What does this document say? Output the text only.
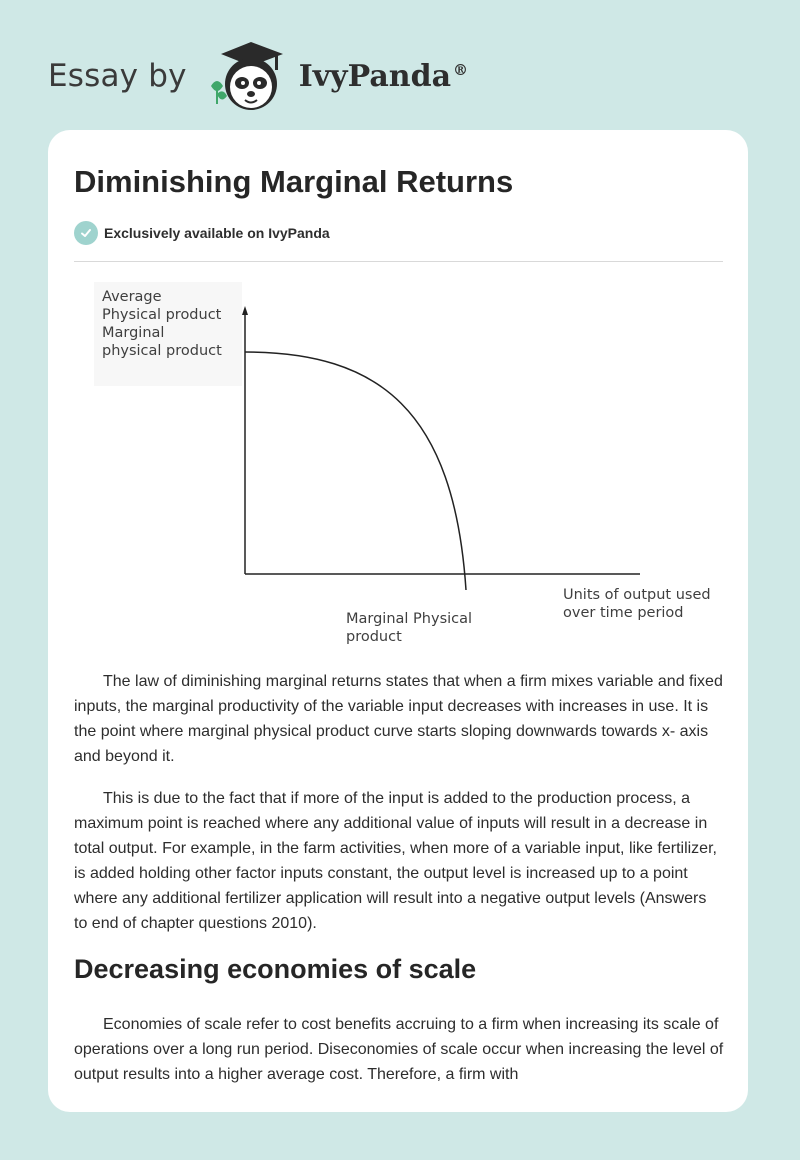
Essay by	IvyPanda ®
Diminishing Marginal Returns
Exclusively available on IvyPanda
Average
Physical product
Marginal
physical product
Units of output used
over time period
Marginal Physical
product

The law of diminishing marginal returns states that when a firm mixes variable and fixed inputs, the marginal productivity of the variable input decreases with increases in use. It is the point where marginal physical product curve starts sloping downwards towards x- axis and beyond it.

This is due to the fact that if more of the input is added to the production process, a maximum point is reached where any additional value of inputs will result in a decrease in total output. For example, in the farm activities, when more of a variable input, like fertilizer, is added holding other factor inputs constant, the output level is increased up to a point where any additional fertilizer application will result into a negative output levels (Answers to end of chapter questions 2010).

Decreasing economies of scale

Economies of scale refer to cost benefits accruing to a firm when increasing its scale of operations over a long run period. Diseconomies of scale occur when increasing the level of output results into a higher average cost. Therefore, a firm with
